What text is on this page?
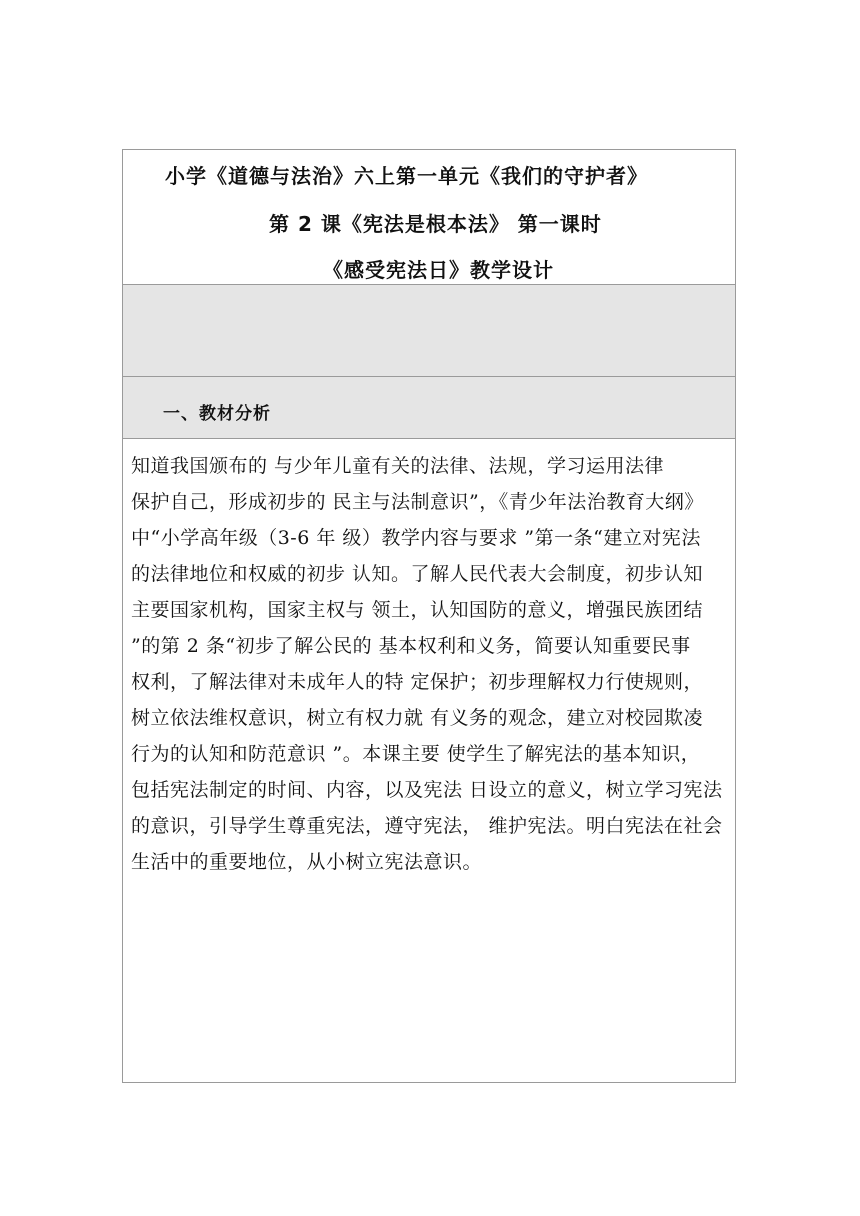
小学《道德与法治》六上第一单元《我们的守护者》
第 2 课《宪法是根本法》 第一课时
《感受宪法日》教学设计
一、教材分析
知道我国颁布的 与少年儿童有关的法律、法规，学习运用法律
保护自己，形成初步的 民主与法制意识”，《青少年法治教育大纲》
中“小学高年级（3-6 年 级）教学内容与要求 ”第一条“建立对宪法
的法律地位和权威的初步 认知。了解人民代表大会制度，初步认知
主要国家机构，国家主权与 领土，认知国防的意义，增强民族团结
”的第 2 条“初步了解公民的 基本权利和义务，简要认知重要民事
权利，了解法律对未成年人的特 定保护；初步理解权力行使规则，
树立依法维权意识，树立有权力就 有义务的观念，建立对校园欺凌
行为的认知和防范意识 ”。本课主要 使学生了解宪法的基本知识，
包括宪法制定的时间、内容，以及宪法 日设立的意义，树立学习宪法
的意识，引导学生尊重宪法，遵守宪法， 维护宪法。明白宪法在社会
生活中的重要地位，从小树立宪法意识。
